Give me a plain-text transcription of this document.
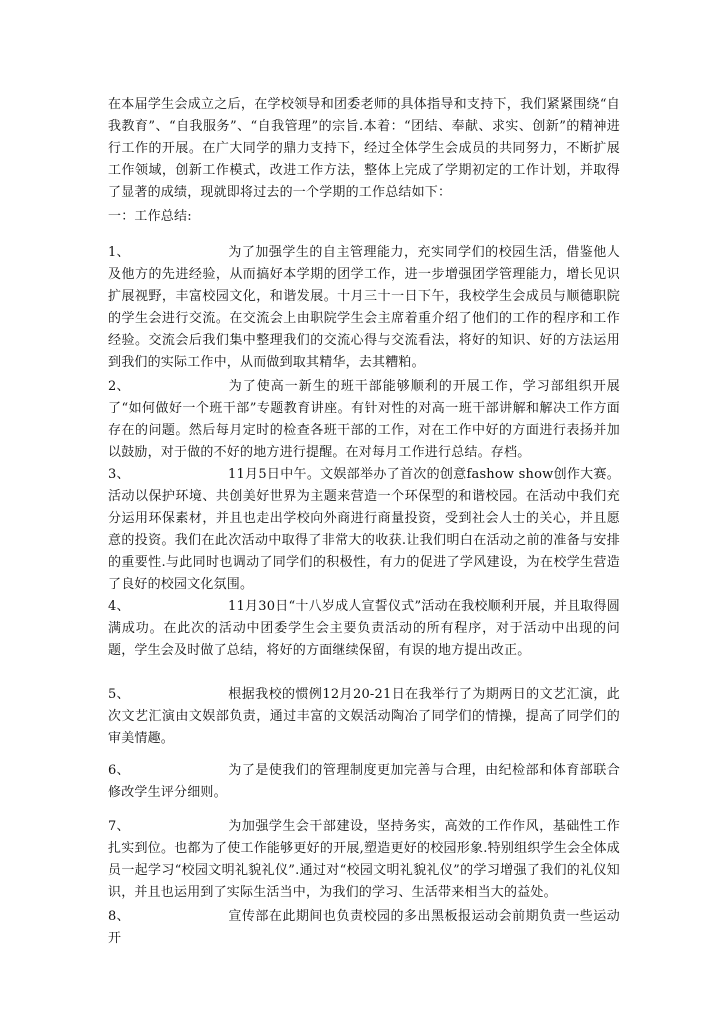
在本届学生会成立之后，在学校领导和团委老师的具体指导和支持下，我们紧紧围绕“自我教育”、“自我服务”、“自我管理”的宗旨.本着：“团结、奉献、求实、创新”的精神进行工作的开展。在广大同学的鼎力支持下，经过全体学生会成员的共同努力，不断扩展工作领域，创新工作模式，改进工作方法，整体上完成了学期初定的工作计划，并取得了显著的成绩，现就即将过去的一个学期的工作总结如下：

一：工作总结:

1、	为了加强学生的自主管理能力，充实同学们的校园生活，借鉴他人及他方的先进经验，从而搞好本学期的团学工作，进一步增强团学管理能力，增长见识扩展视野，丰富校园文化，和谐发展。十月三十一日下午，我校学生会成员与顺德职院的学生会进行交流。在交流会上由职院学生会主席着重介绍了他们的工作的程序和工作经验。交流会后我们集中整理我们的交流心得与交流看法，将好的知识、好的方法运用到我们的实际工作中，从而做到取其精华，去其糟粕。

2、	为了使高一新生的班干部能够顺利的开展工作，学习部组织开展了“如何做好一个班干部”专题教育讲座。有针对性的对高一班干部讲解和解决工作方面存在的问题。然后每月定时的检查各班干部的工作，对在工作中好的方面进行表扬并加以鼓励，对于做的不好的地方进行提醒。在对每月工作进行总结。存档。

3、	11月5日中午。文娱部举办了首次的创意fashow show创作大赛。活动以保护环境、共创美好世界为主题来营造一个环保型的和谐校园。在活动中我们充分运用环保素材，并且也走出学校向外商进行商量投资，受到社会人士的关心，并且愿意的投资。我们在此次活动中取得了非常大的收获.让我们明白在活动之前的准备与安排的重要性.与此同时也调动了同学们的积极性，有力的促进了学风建设，为在校学生营造了良好的校园文化氛围。

4、	11月30日“十八岁成人宣誓仪式”活动在我校顺利开展，并且取得圆满成功。在此次的活动中团委学生会主要负责活动的所有程序，对于活动中出现的问题，学生会及时做了总结，将好的方面继续保留，有误的地方提出改正。

5、	根据我校的惯例12月20-21日在我举行了为期两日的文艺汇演，此次文艺汇演由文娱部负责，通过丰富的文娱活动陶冶了同学们的情操，提高了同学们的审美情趣。

6、	为了是使我们的管理制度更加完善与合理，由纪检部和体育部联合修改学生评分细则。

7、	为加强学生会干部建设，坚持务实，高效的工作作风，基础性工作扎实到位。也都为了使工作能够更好的开展,塑造更好的校园形象.特别组织学生会全体成员一起学习“校园文明礼貌礼仪”.通过对“校园文明礼貌礼仪”的学习增强了我们的礼仪知识，并且也运用到了实际生活当中，为我们的学习、生活带来相当大的益处。

8、	宣传部在此期间也负责校园的多出黑板报运动会前期负责一些运动开
